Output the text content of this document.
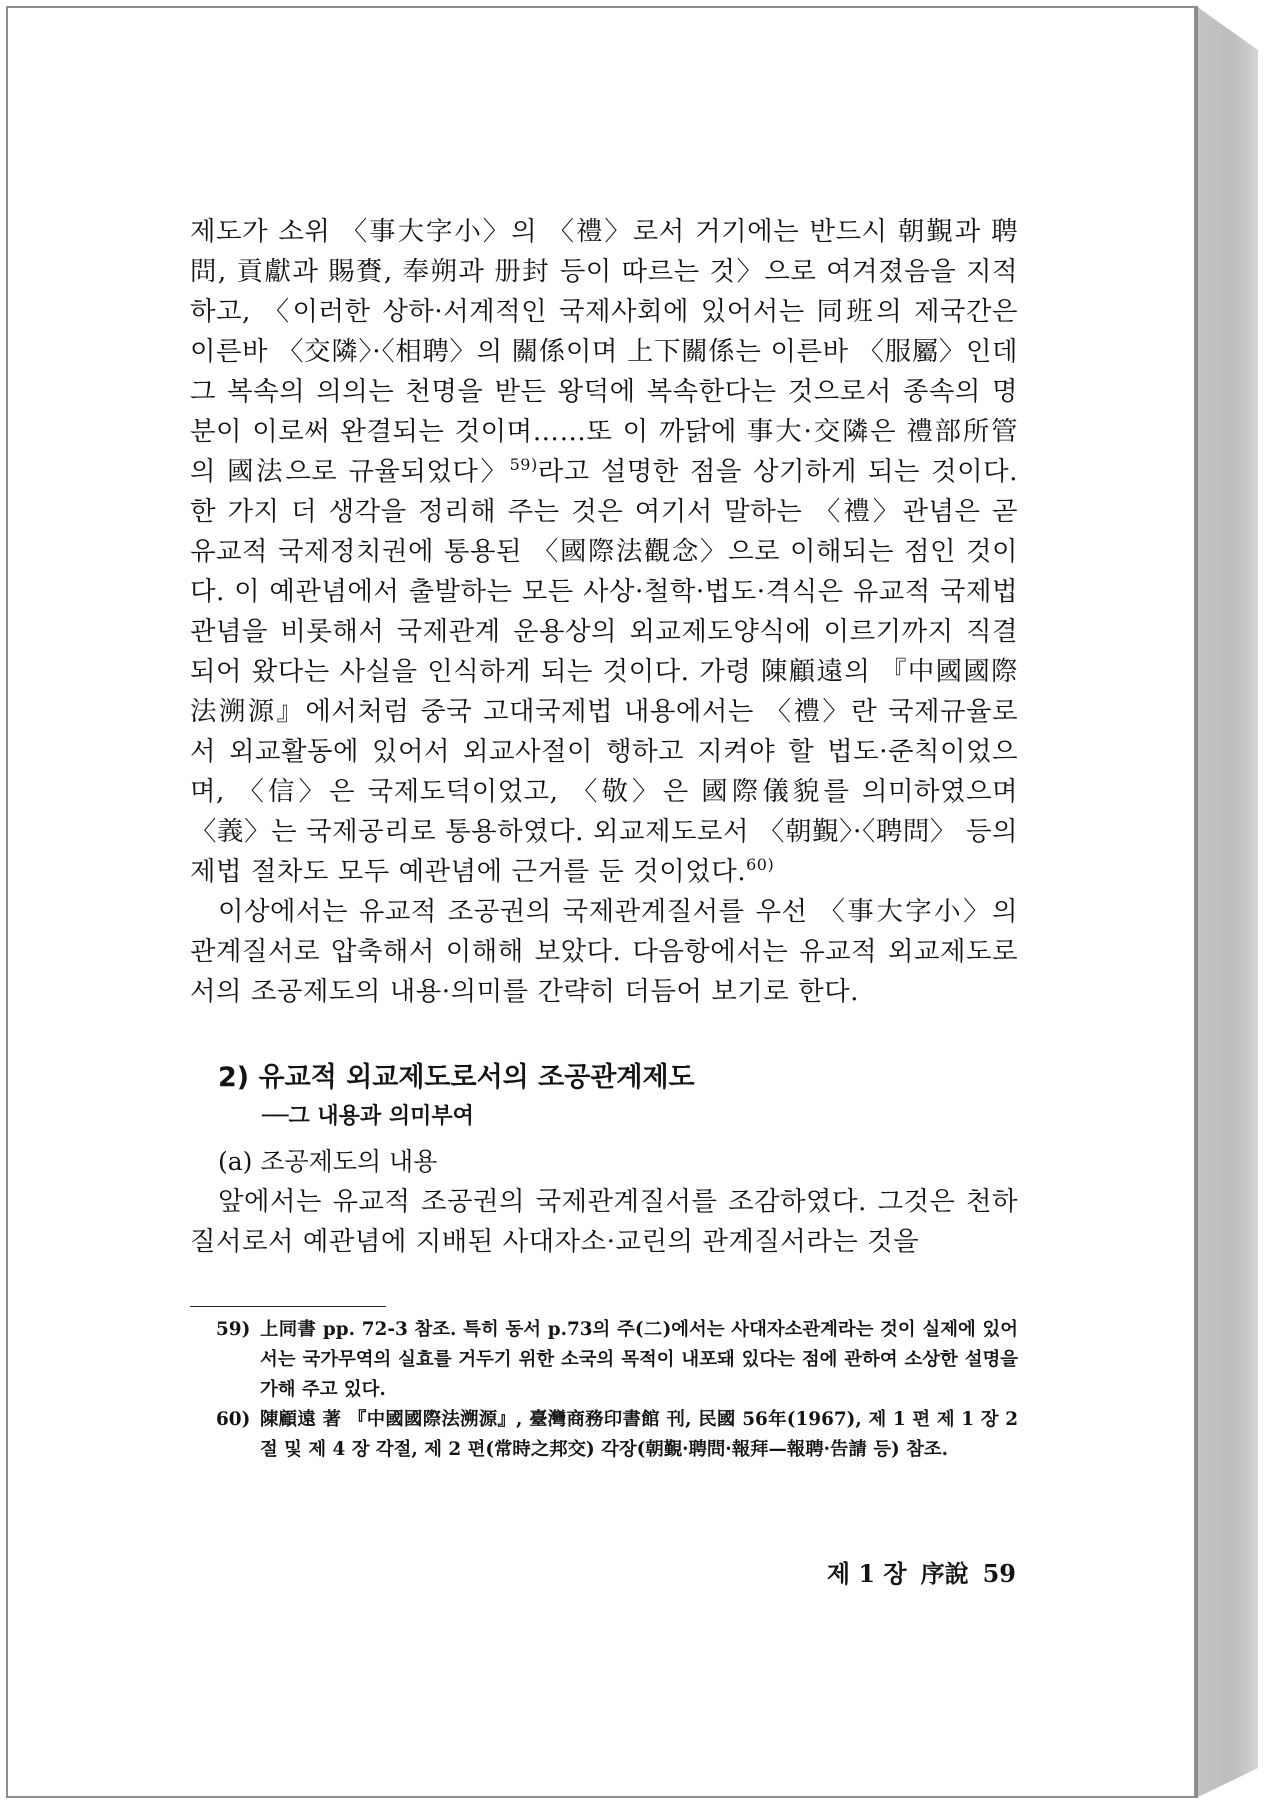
제도가 소위 〈事大字小〉의 〈禮〉로서 거기에는 반드시 朝覲과 聘問, 貢獻과 賜賚, 奉朔과 册封 등이 따르는 것〉으로 여겨졌음을 지적하고, 〈이러한 상하·서계적인 국제사회에 있어서는 同班의 제국간은 이른바 〈交隣〉·〈相聘〉의 關係이며 上下關係는 이른바 〈服屬〉인데 그 복속의 의의는 천명을 받든 왕덕에 복속한다는 것으로서 종속의 명분이 이로써 완결되는 것이며……또 이 까닭에 事大·交隣은 禮部所管의 國法으로 규율되었다〉$^{59)}$라고 설명한 점을 상기하게 되는 것이다. 한 가지 더 생각을 정리해 주는 것은 여기서 말하는 〈禮〉관념은 곧 유교적 국제정치권에 통용된 〈國際法觀念〉으로 이해되는 점인 것이다. 이 예관념에서 출발하는 모든 사상·철학·법도·격식은 유교적 국제법관념을 비롯해서 국제관계 운용상의 외교제도양식에 이르기까지 직결되어 왔다는 사실을 인식하게 되는 것이다. 가령 陳顧遠의 『中國國際法溯源』에서처럼 중국 고대국제법 내용에서는 〈禮〉란 국제규율로서 외교활동에 있어서 외교사절이 행하고 지켜야 할 법도·준칙이었으며, 〈信〉은 국제도덕이었고, 〈敬〉은 國際儀貌를 의미하였으며 〈義〉는 국제공리로 통용하였다. 외교제도로서 〈朝覲〉·〈聘問〉 등의 제법 절차도 모두 예관념에 근거를 둔 것이었다.$^{60)}$

이상에서는 유교적 조공권의 국제관계질서를 우선 〈事大字小〉의 관계질서로 압축해서 이해해 보았다. 다음항에서는 유교적 외교제도로서의 조공제도의 내용·의미를 간략히 더듬어 보기로 한다.

2) 유교적 외교제도로서의 조공관계제도
──그 내용과 의미부여
(a) 조공제도의 내용

앞에서는 유교적 조공권의 국제관계질서를 조감하였다. 그것은 천하질서로서 예관념에 지배된 사대자소·교린의 관계질서라는 것을

59) 上同書 pp. 72-3 참조. 특히 동서 p.73의 주(二)에서는 사대자소관계라는 것이 실제에 있어서는 국가무역의 실효를 거두기 위한 소국의 목적이 내포돼 있다는 점에 관하여 소상한 설명을 가해 주고 있다.
60) 陳顧遠 著 『中國國際法溯源』, 臺灣商務印書館 刊, 民國 56年(1967), 제 1 편 제 1 장 2절 및 제 4 장 각절, 제 2 편(常時之邦交) 각장(朝覲·聘問·報拜—報聘·告請 등) 참조.
제 1 장 序說 59
